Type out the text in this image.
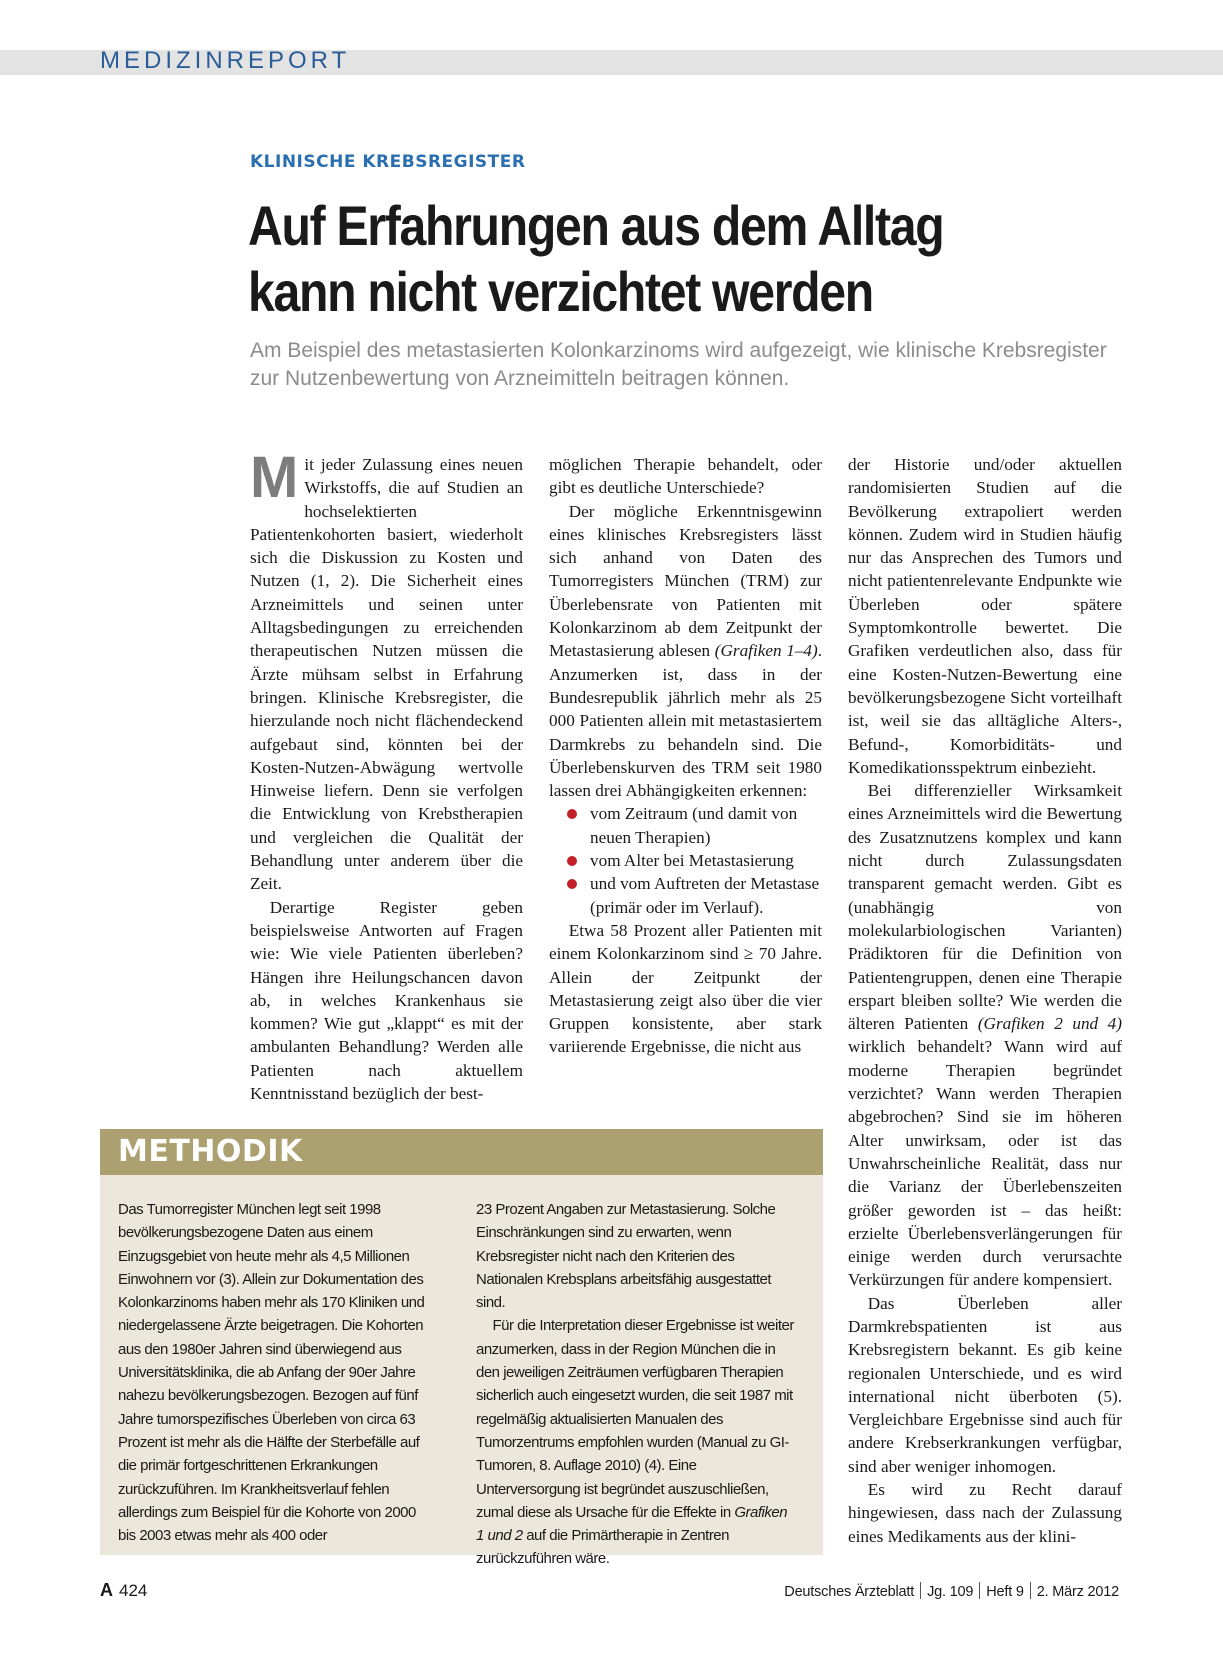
MEDIZINREPORT
KLINISCHE KREBSREGISTER
Auf Erfahrungen aus dem Alltag
kann nicht verzichtet werden

Am Beispiel des metastasierten Kolonkarzinoms wird aufgezeigt, wie klinische Krebsregister zur Nutzenbewertung von Arzneimitteln beitragen können.

Mit jeder Zulassung eines neuen Wirkstoffs, die auf Studien an hochselektierten Patientenkohorten basiert, wiederholt sich die Diskussion zu Kosten und Nutzen (1, 2). Die Sicherheit eines Arzneimittels und seinen unter Alltagsbedingungen zu erreichenden therapeutischen Nutzen müssen die Ärzte mühsam selbst in Erfahrung bringen. Klinische Krebsregister, die hierzulande noch nicht flächendeckend aufgebaut sind, könnten bei der Kosten-Nutzen-Abwägung wertvolle Hinweise liefern. Denn sie verfolgen die Entwicklung von Krebstherapien und vergleichen die Qualität der Behandlung unter anderem über die Zeit.

Derartige Register geben beispielsweise Antworten auf Fragen wie: Wie viele Patienten überleben? Hängen ihre Heilungschancen davon ab, in welches Krankenhaus sie kommen? Wie gut „klappt“ es mit der ambulanten Behandlung? Werden alle Patienten nach aktuellem Kenntnisstand bezüglich der best-

möglichen Therapie behandelt, oder gibt es deutliche Unterschiede?

Der mögliche Erkenntnisgewinn eines klinisches Krebsregisters lässt sich anhand von Daten des Tumorregisters München (TRM) zur Überlebensrate von Patienten mit Kolonkarzinom ab dem Zeitpunkt der Metastasierung ablesen (Grafiken 1–4). Anzumerken ist, dass in der Bundesrepublik jährlich mehr als 25 000 Patienten allein mit metastasiertem Darmkrebs zu behandeln sind. Die Überlebenskurven des TRM seit 1980 lassen drei Abhängigkeiten erkennen:

vom Zeitraum (und damit von neuen Therapien)
vom Alter bei Metastasierung
und vom Auftreten der Metastase (primär oder im Verlauf).

Etwa 58 Prozent aller Patienten mit einem Kolonkarzinom sind ≥ 70 Jahre. Allein der Zeitpunkt der Metastasierung zeigt also über die vier Gruppen konsistente, aber stark variierende Ergebnisse, die nicht aus

der Historie und/oder aktuellen randomisierten Studien auf die Bevölkerung extrapoliert werden können. Zudem wird in Studien häufig nur das Ansprechen des Tumors und nicht patientenrelevante Endpunkte wie Überleben oder spätere Symptomkontrolle bewertet. Die Grafiken verdeutlichen also, dass für eine Kosten-Nutzen-Bewertung eine bevölkerungsbezogene Sicht vorteilhaft ist, weil sie das alltägliche Alters-, Befund-, Komorbiditäts- und Komedikationsspektrum einbezieht.

Bei differenzieller Wirksamkeit eines Arzneimittels wird die Bewertung des Zusatznutzens komplex und kann nicht durch Zulassungsdaten transparent gemacht werden. Gibt es (unabhängig von molekularbiologischen Varianten) Prädiktoren für die Definition von Patientengruppen, denen eine Therapie erspart bleiben sollte? Wie werden die älteren Patienten (Grafiken 2 und 4) wirklich behandelt? Wann wird auf moderne Therapien begründet verzichtet? Wann werden Therapien abgebrochen? Sind sie im höheren Alter unwirksam, oder ist das Unwahrscheinliche Realität, dass nur die Varianz der Überlebenszeiten größer geworden ist – das heißt: erzielte Überlebensverlängerungen für einige werden durch verursachte Verkürzungen für andere kompensiert.

Das Überleben aller Darmkrebspatienten ist aus Krebsregistern bekannt. Es gib keine regionalen Unterschiede, und es wird international nicht überboten (5). Vergleichbare Ergebnisse sind auch für andere Krebserkrankungen verfügbar, sind aber weniger inhomogen.

Es wird zu Recht darauf hingewiesen, dass nach der Zulassung eines Medikaments aus der klini-

METHODIK

Das Tumorregister München legt seit 1998 bevölkerungsbezogene Daten aus einem Einzugsgebiet von heute mehr als 4,5 Millionen Einwohnern vor (3). Allein zur Dokumentation des Kolonkarzinoms haben mehr als 170 Kliniken und niedergelassene Ärzte beigetragen. Die Kohorten aus den 1980er Jahren sind überwiegend aus Universitätsklinika, die ab Anfang der 90er Jahre nahezu bevölkerungsbezogen. Bezogen auf fünf Jahre tumorspezifisches Überleben von circa 63 Prozent ist mehr als die Hälfte der Sterbefälle auf die primär fortgeschrittenen Erkrankungen zurückzuführen. Im Krankheitsverlauf fehlen allerdings zum Beispiel für die Kohorte von 2000 bis 2003 etwas mehr als 400 oder

23 Prozent Angaben zur Metastasierung. Solche Einschränkungen sind zu erwarten, wenn Krebsregister nicht nach den Kriterien des Nationalen Krebsplans arbeitsfähig ausgestattet sind.

Für die Interpretation dieser Ergebnisse ist weiter anzumerken, dass in der Region München die in den jeweiligen Zeiträumen verfügbaren Therapien sicherlich auch eingesetzt wurden, die seit 1987 mit regelmäßig aktualisierten Manualen des Tumorzentrums empfohlen wurden (Manual zu GI-Tumoren, 8. Auflage 2010) (4). Eine Unterversorgung ist begründet auszuschließen, zumal diese als Ursache für die Effekte in Grafiken 1 und 2 auf die Primärtherapie in Zentren zurückzuführen wäre.

A 424	Deutsches Ärzteblatt Jg. 109 Heft 9 2. März 2012
